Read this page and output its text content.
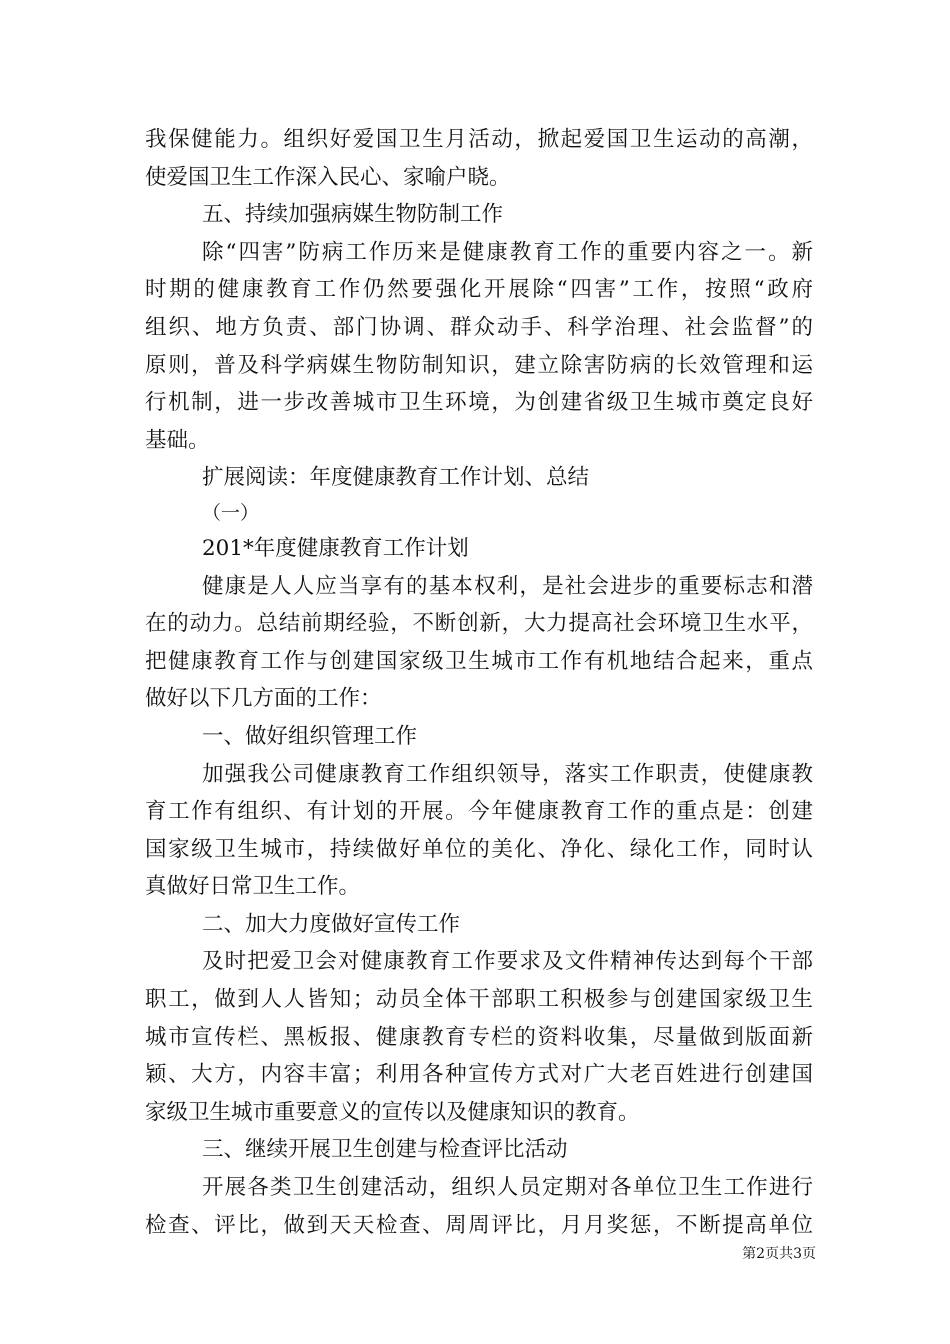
我保健能力。组织好爱国卫生月活动，掀起爱国卫生运动的高潮，
使爱国卫生工作深入民心、家喻户晓。
五、持续加强病媒生物防制工作
除“四害”防病工作历来是健康教育工作的重要内容之一。新
时期的健康教育工作仍然要强化开展除“四害”工作，按照“政府
组织、地方负责、部门协调、群众动手、科学治理、社会监督”的
原则，普及科学病媒生物防制知识，建立除害防病的长效管理和运
行机制，进一步改善城市卫生环境，为创建省级卫生城市奠定良好
基础。
扩展阅读：年度健康教育工作计划、总结
（一）
201*年度健康教育工作计划
健康是人人应当享有的基本权利，是社会进步的重要标志和潜
在的动力。总结前期经验，不断创新，大力提高社会环境卫生水平，
把健康教育工作与创建国家级卫生城市工作有机地结合起来，重点
做好以下几方面的工作：
一、做好组织管理工作
加强我公司健康教育工作组织领导，落实工作职责，使健康教
育工作有组织、有计划的开展。今年健康教育工作的重点是：创建
国家级卫生城市，持续做好单位的美化、净化、绿化工作，同时认
真做好日常卫生工作。
二、加大力度做好宣传工作
及时把爱卫会对健康教育工作要求及文件精神传达到每个干部
职工，做到人人皆知；动员全体干部职工积极参与创建国家级卫生
城市宣传栏、黑板报、健康教育专栏的资料收集，尽量做到版面新
颖、大方，内容丰富；利用各种宣传方式对广大老百姓进行创建国
家级卫生城市重要意义的宣传以及健康知识的教育。
三、继续开展卫生创建与检查评比活动
开展各类卫生创建活动，组织人员定期对各单位卫生工作进行
检查、评比，做到天天检查、周周评比，月月奖惩，不断提高单位
第2页共3页
